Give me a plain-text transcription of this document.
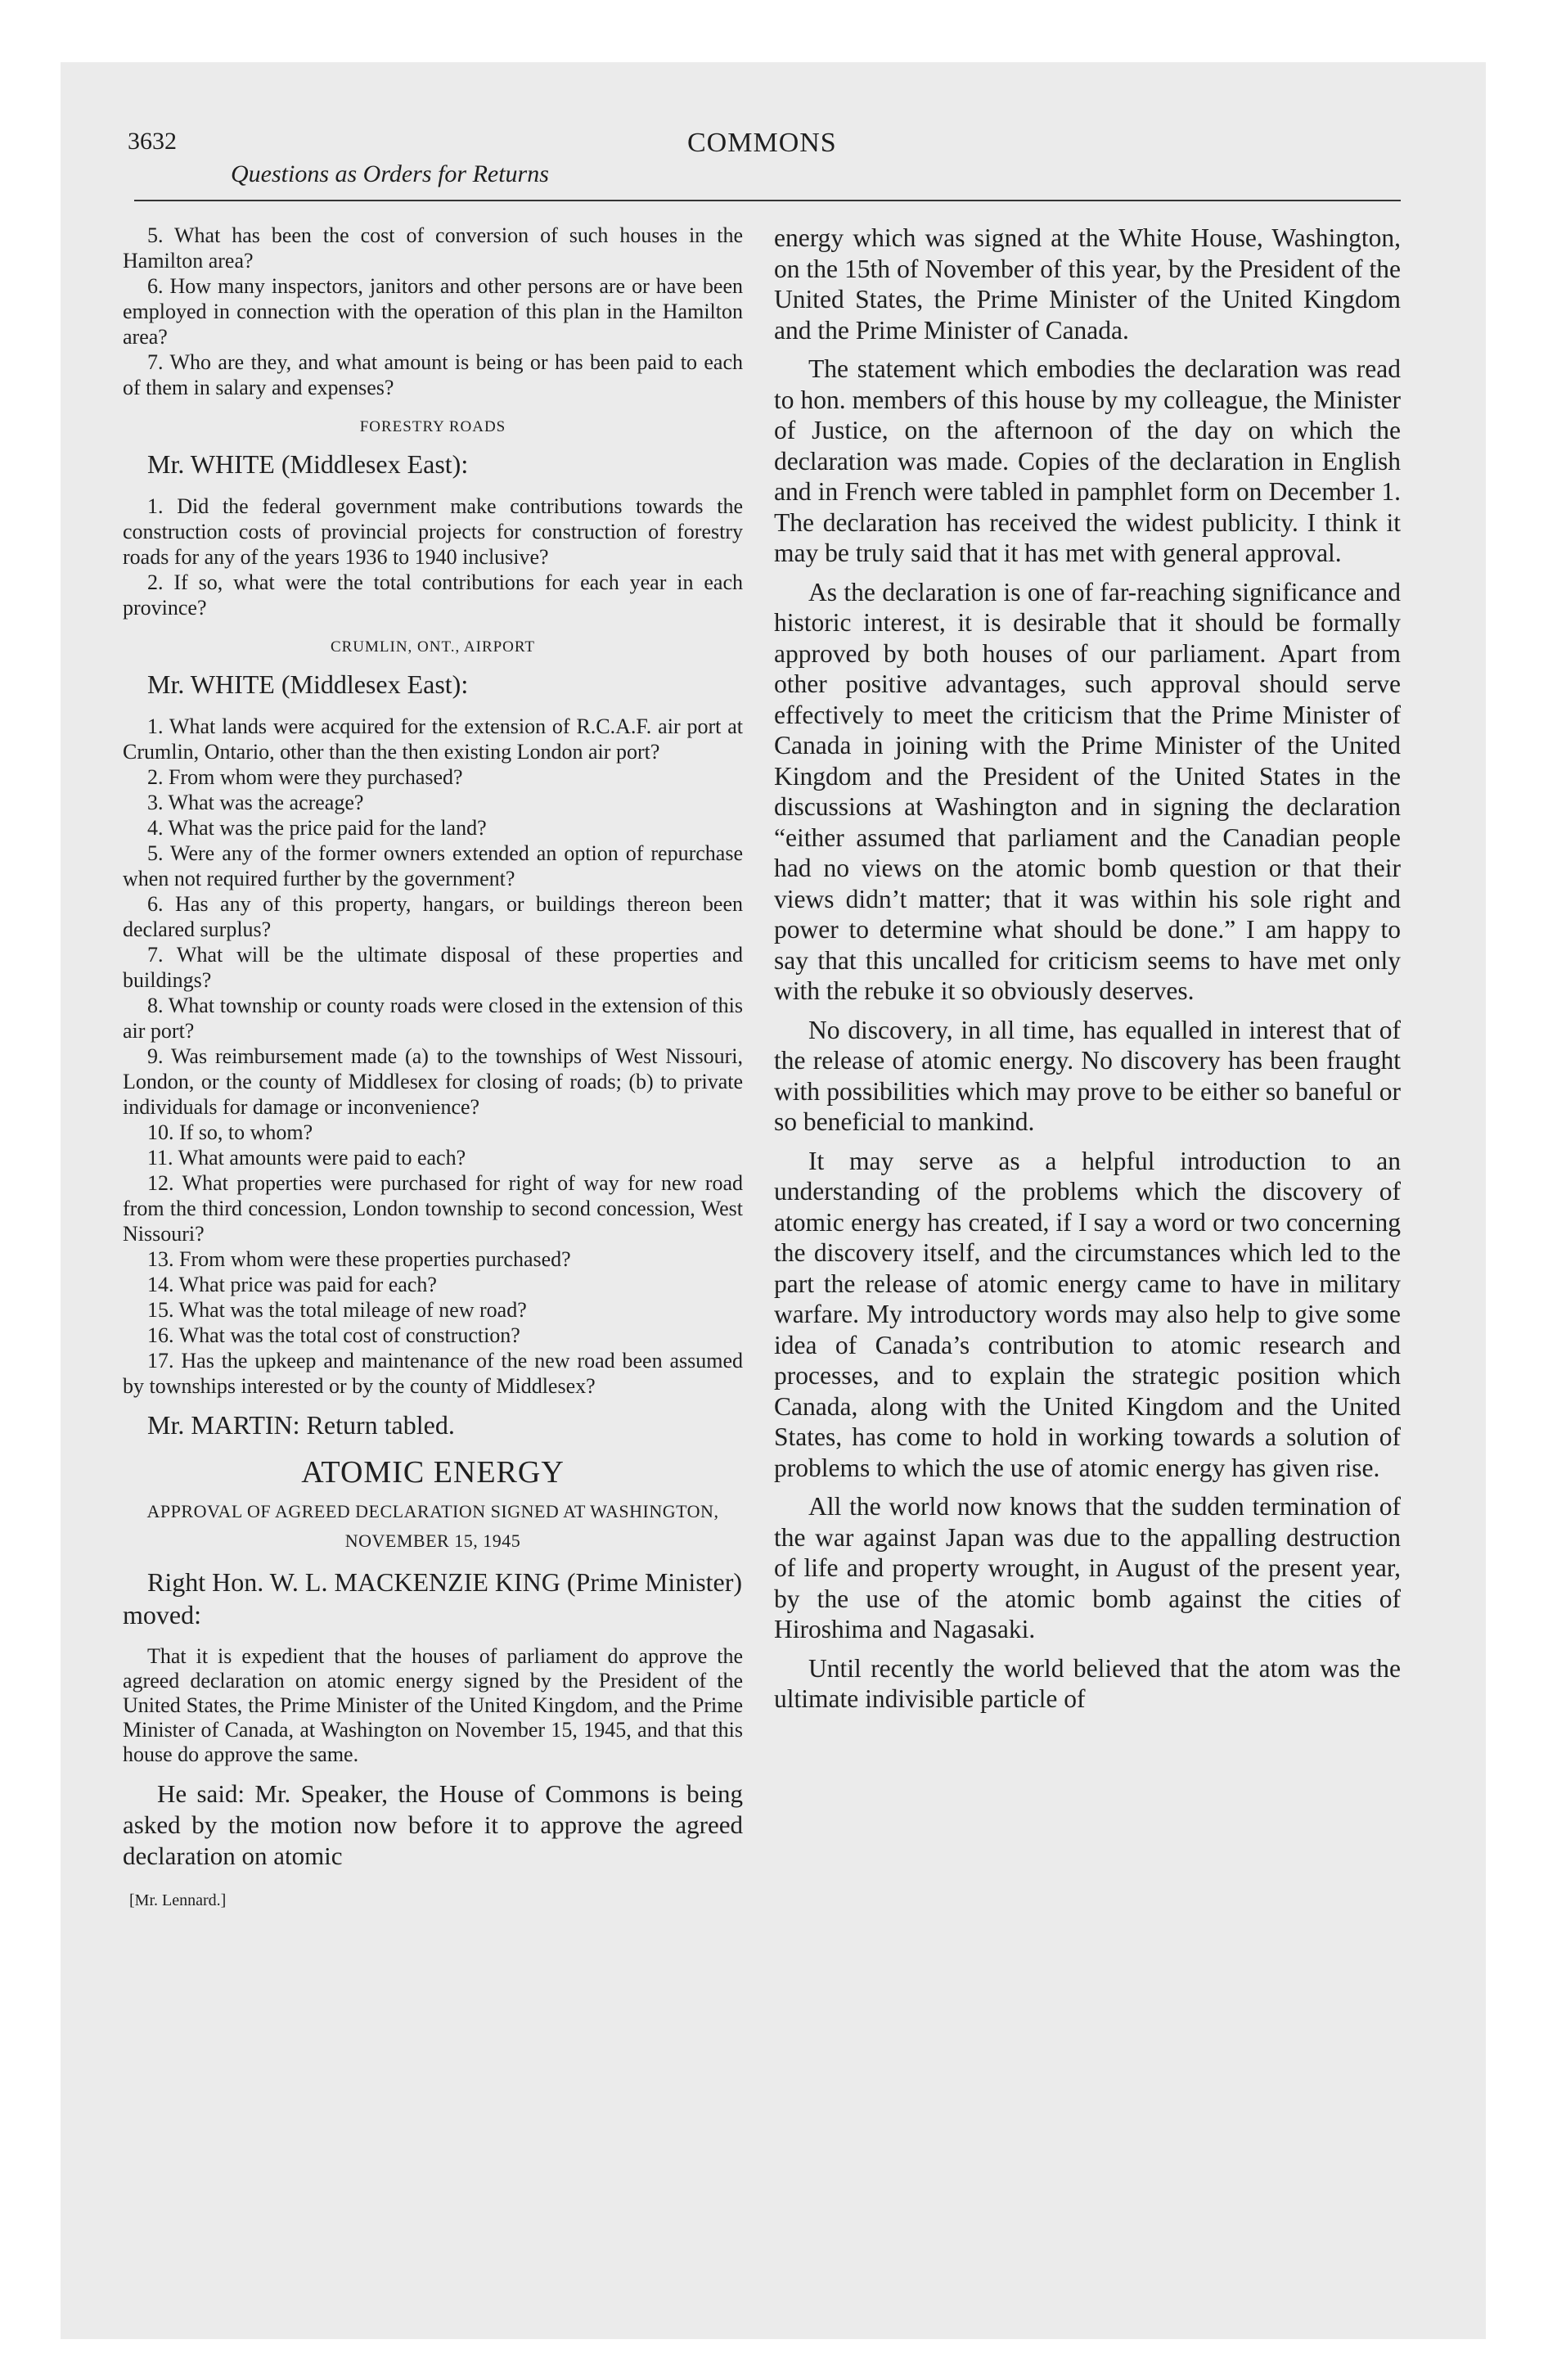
3632	COMMONS
Questions as Orders for Returns

5. What has been the cost of conversion of such houses in the Hamilton area?

6. How many inspectors, janitors and other persons are or have been employed in connection with the operation of this plan in the Hamilton area?

7. Who are they, and what amount is being or has been paid to each of them in salary and expenses?

FORESTRY ROADS
Mr. WHITE (Middlesex East):

1. Did the federal government make contributions towards the construction costs of provincial projects for construction of forestry roads for any of the years 1936 to 1940 inclusive?

2. If so, what were the total contributions for each year in each province?

CRUMLIN, ONT., AIRPORT
Mr. WHITE (Middlesex East):

1. What lands were acquired for the extension of R.C.A.F. air port at Crumlin, Ontario, other than the then existing London air port?

2. From whom were they purchased?

3. What was the acreage?

4. What was the price paid for the land?

5. Were any of the former owners extended an option of repurchase when not required further by the government?

6. Has any of this property, hangars, or buildings thereon been declared surplus?

7. What will be the ultimate disposal of these properties and buildings?

8. What township or county roads were closed in the extension of this air port?

9. Was reimbursement made (a) to the townships of West Nissouri, London, or the county of Middlesex for closing of roads; (b) to private individuals for damage or inconvenience?

10. If so, to whom?

11. What amounts were paid to each?

12. What properties were purchased for right of way for new road from the third concession, London township to second concession, West Nissouri?

13. From whom were these properties purchased?

14. What price was paid for each?

15. What was the total mileage of new road?

16. What was the total cost of construction?

17. Has the upkeep and maintenance of the new road been assumed by townships interested or by the county of Middlesex?

Mr. MARTIN: Return tabled.
ATOMIC ENERGY
APPROVAL OF AGREED DECLARATION SIGNED AT WASHINGTON, NOVEMBER 15, 1945
Right Hon. W. L. MACKENZIE KING (Prime Minister) moved:

That it is expedient that the houses of parliament do approve the agreed declaration on atomic energy signed by the President of the United States, the Prime Minister of the United Kingdom, and the Prime Minister of Canada, at Washington on November 15, 1945, and that this house do approve the same.

He said: Mr. Speaker, the House of Commons is being asked by the motion now before it to approve the agreed declaration on atomic

[Mr. Lennard.]

energy which was signed at the White House, Washington, on the 15th of November of this year, by the President of the United States, the Prime Minister of the United Kingdom and the Prime Minister of Canada.

The statement which embodies the declaration was read to hon. members of this house by my colleague, the Minister of Justice, on the afternoon of the day on which the declaration was made. Copies of the declaration in English and in French were tabled in pamphlet form on December 1. The declaration has received the widest publicity. I think it may be truly said that it has met with general approval.

As the declaration is one of far-reaching significance and historic interest, it is desirable that it should be formally approved by both houses of our parliament. Apart from other positive advantages, such approval should serve effectively to meet the criticism that the Prime Minister of Canada in joining with the Prime Minister of the United Kingdom and the President of the United States in the discussions at Washington and in signing the declaration “either assumed that parliament and the Canadian people had no views on the atomic bomb question or that their views didn’t matter; that it was within his sole right and power to determine what should be done.” I am happy to say that this uncalled for criticism seems to have met only with the rebuke it so obviously deserves.

No discovery, in all time, has equalled in interest that of the release of atomic energy. No discovery has been fraught with possibilities which may prove to be either so baneful or so beneficial to mankind.

It may serve as a helpful introduction to an understanding of the problems which the discovery of atomic energy has created, if I say a word or two concerning the discovery itself, and the circumstances which led to the part the release of atomic energy came to have in military warfare. My introductory words may also help to give some idea of Canada’s contribution to atomic research and processes, and to explain the strategic position which Canada, along with the United Kingdom and the United States, has come to hold in working towards a solution of problems to which the use of atomic energy has given rise.

All the world now knows that the sudden termination of the war against Japan was due to the appalling destruction of life and property wrought, in August of the present year, by the use of the atomic bomb against the cities of Hiroshima and Nagasaki.

Until recently the world believed that the atom was the ultimate indivisible particle of
